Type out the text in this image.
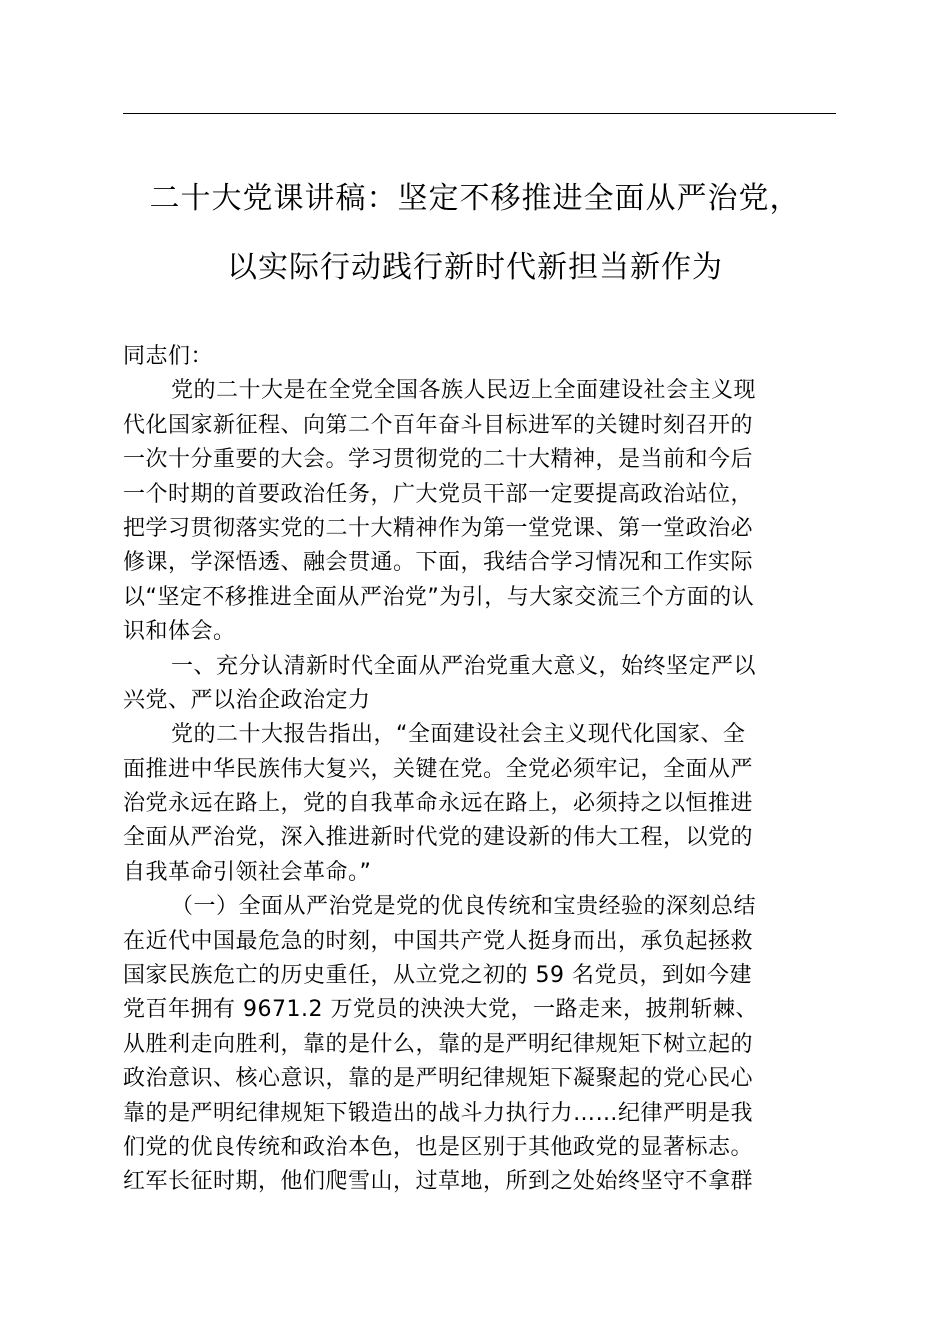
二十大党课讲稿：坚定不移推进全面从严治党，
以实际行动践行新时代新担当新作为
同志们：
党的二十大是在全党全国各族人民迈上全面建设社会主义现
代化国家新征程、向第二个百年奋斗目标进军的关键时刻召开的
一次十分重要的大会。学习贯彻党的二十大精神，是当前和今后
一个时期的首要政治任务，广大党员干部一定要提高政治站位，
把学习贯彻落实党的二十大精神作为第一堂党课、第一堂政治必
修课，学深悟透、融会贯通。下面，我结合学习情况和工作实际
以“坚定不移推进全面从严治党”为引，与大家交流三个方面的认
识和体会。
一、充分认清新时代全面从严治党重大意义，始终坚定严以
兴党、严以治企政治定力
党的二十大报告指出，“全面建设社会主义现代化国家、全
面推进中华民族伟大复兴，关键在党。全党必须牢记，全面从严
治党永远在路上，党的自我革命永远在路上，必须持之以恒推进
全面从严治党，深入推进新时代党的建设新的伟大工程，以党的
自我革命引领社会革命。”
（一）全面从严治党是党的优良传统和宝贵经验的深刻总结
在近代中国最危急的时刻，中国共产党人挺身而出，承负起拯救
国家民族危亡的历史重任，从立党之初的 59 名党员，到如今建
党百年拥有 9671.2 万党员的泱泱大党，一路走来，披荆斩棘、
从胜利走向胜利，靠的是什么，靠的是严明纪律规矩下树立起的
政治意识、核心意识，靠的是严明纪律规矩下凝聚起的党心民心
靠的是严明纪律规矩下锻造出的战斗力执行力……纪律严明是我
们党的优良传统和政治本色，也是区别于其他政党的显著标志。
红军长征时期，他们爬雪山，过草地，所到之处始终坚守不拿群
